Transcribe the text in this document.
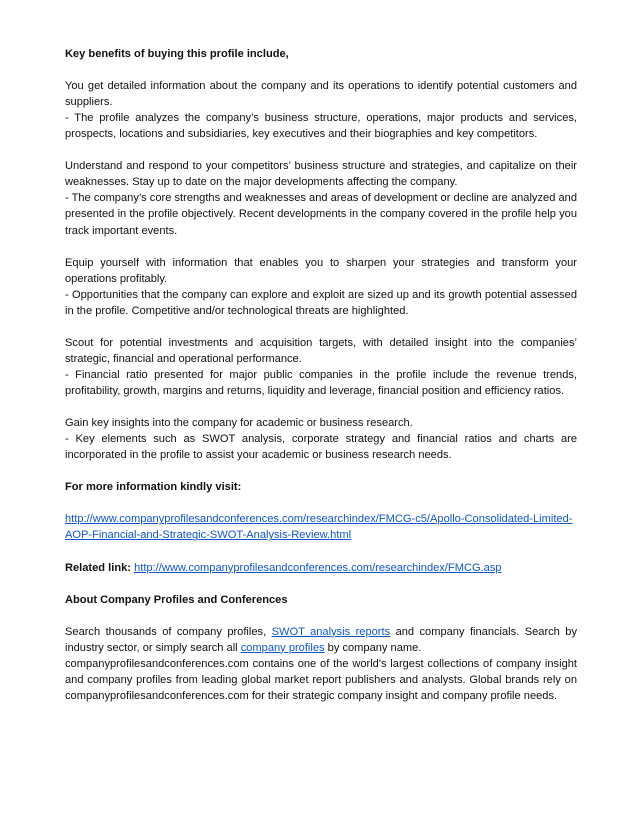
Key benefits of buying this profile include,

You get detailed information about the company and its operations to identify potential customers and suppliers.
- The profile analyzes the company’s business structure, operations, major products and services, prospects, locations and subsidiaries, key executives and their biographies and key competitors.

Understand and respond to your competitors’ business structure and strategies, and capitalize on their weaknesses. Stay up to date on the major developments affecting the company.
- The company’s core strengths and weaknesses and areas of development or decline are analyzed and presented in the profile objectively. Recent developments in the company covered in the profile help you track important events.

Equip yourself with information that enables you to sharpen your strategies and transform your operations profitably.
- Opportunities that the company can explore and exploit are sized up and its growth potential assessed in the profile. Competitive and/or technological threats are highlighted.

Scout for potential investments and acquisition targets, with detailed insight into the companies’ strategic, financial and operational performance.
- Financial ratio presented for major public companies in the profile include the revenue trends, profitability, growth, margins and returns, liquidity and leverage, financial position and efficiency ratios.

Gain key insights into the company for academic or business research.
- Key elements such as SWOT analysis, corporate strategy and financial ratios and charts are incorporated in the profile to assist your academic or business research needs.

For more information kindly visit:

http://www.companyprofilesandconferences.com/researchindex/FMCG-c5/Apollo-Consolidated-Limited-AOP-Financial-and-Strategic-SWOT-Analysis-Review.html

Related link: http://www.companyprofilesandconferences.com/researchindex/FMCG.asp

About Company Profiles and Conferences

Search thousands of company profiles, SWOT analysis reports and company financials. Search by industry sector, or simply search all company profiles by company name.
companyprofilesandconferences.com contains one of the world's largest collections of company insight and company profiles from leading global market report publishers and analysts. Global brands rely on companyprofilesandconferences.com for their strategic company insight and company profile needs.
